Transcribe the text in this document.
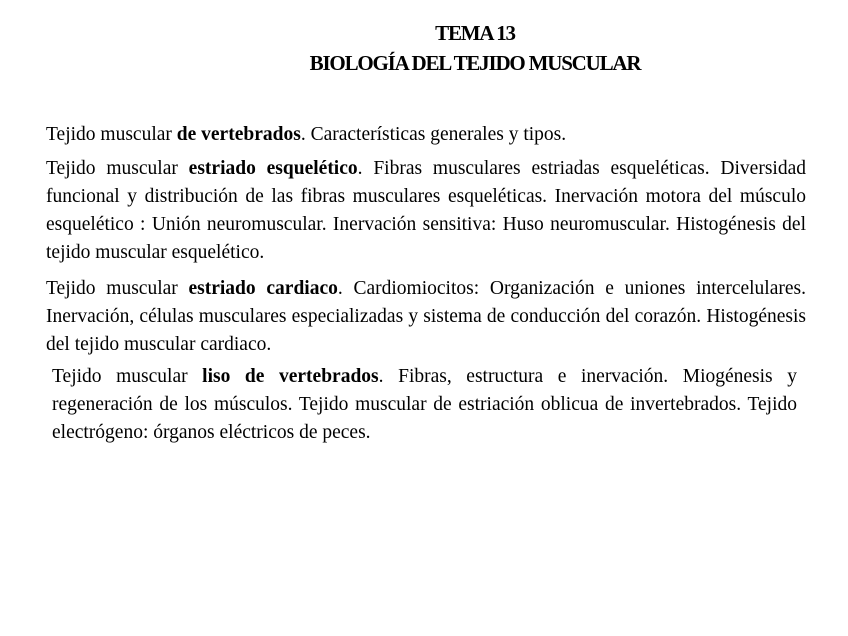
TEMA 13
BIOLOGÍA DEL TEJIDO MUSCULAR

Tejido muscular de vertebrados. Características generales y tipos.

Tejido muscular estriado esquelético. Fibras musculares estriadas esqueléticas. Diversidad funcional y distribución de las fibras musculares esqueléticas. Inervación motora del músculo esquelético : Unión neuromuscular. Inervación sensitiva: Huso neuromuscular. Histogénesis del tejido muscular esquelético.

Tejido muscular estriado cardiaco. Cardiomiocitos: Organización e uniones intercelulares. Inervación, células musculares especializadas y sistema de conducción del corazón. Histogénesis del tejido muscular cardiaco.

Tejido muscular liso de vertebrados. Fibras, estructura e inervación. Miogénesis y regeneración de los músculos. Tejido muscular de estriación oblicua de invertebrados. Tejido electrógeno: órganos eléctricos de peces.
